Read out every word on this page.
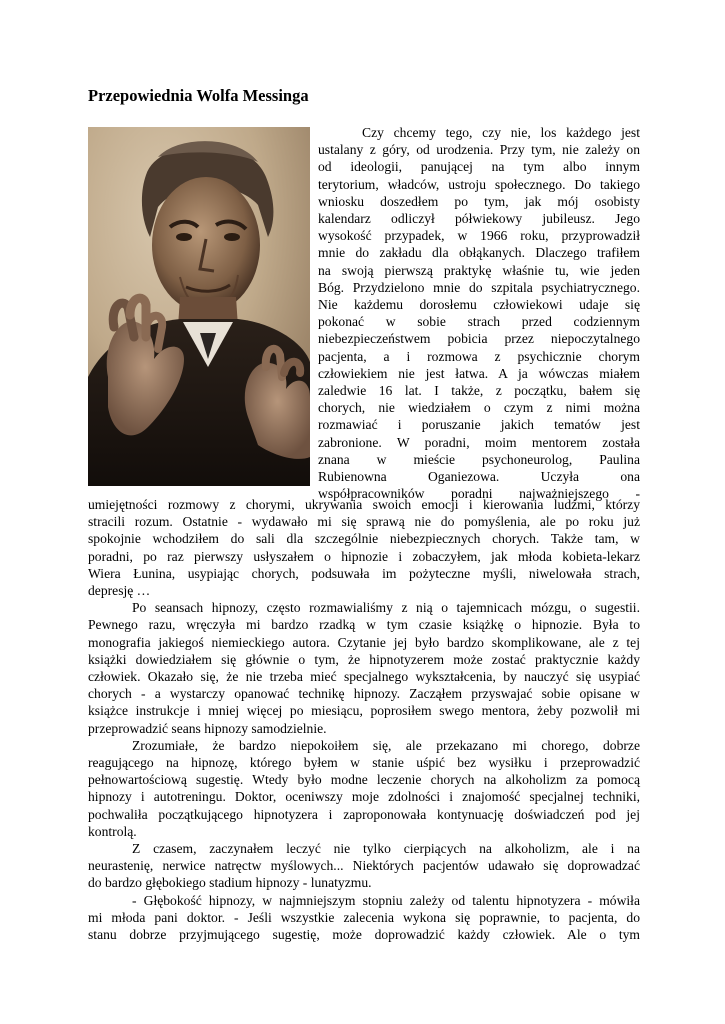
Przepowiednia Wolfa Messinga
Czy chcemy tego, czy nie, los każdego jest
ustalany z góry, od urodzenia. Przy tym, nie zależy on
od ideologii, panującej na tym albo innym
terytorium, władców, ustroju społecznego. Do takiego
wniosku doszedłem po tym, jak mój osobisty
kalendarz odliczył półwiekowy jubileusz. Jego
wysokość przypadek, w 1966 roku, przyprowadził
mnie do zakładu dla obłąkanych. Dlaczego trafiłem
na swoją pierwszą praktykę właśnie tu, wie jeden
Bóg. Przydzielono mnie do szpitala psychiatrycznego.
Nie każdemu dorosłemu człowiekowi udaje się
pokonać w sobie strach przed codziennym
niebezpieczeństwem pobicia przez niepoczytalnego
pacjenta, a i rozmowa z psychicznie chorym
człowiekiem nie jest łatwa. A ja wówczas miałem
zaledwie 16 lat. I także, z początku, bałem się
chorych, nie wiedziałem o czym z nimi można
rozmawiać i poruszanie jakich tematów jest
zabronione. W poradni, moim mentorem została
znana w mieście psychoneurolog, Paulina
Rubienowna Oganiezowa. Uczyła ona
współpracowników poradni najważniejszego -
umiejętności rozmowy z chorymi, ukrywania swoich emocji i kierowania ludźmi, którzy
stracili rozum. Ostatnie - wydawało mi się sprawą nie do pomyślenia, ale po roku już
spokojnie wchodziłem do sali dla szczególnie niebezpiecznych chorych. Także tam, w
poradni, po raz pierwszy usłyszałem o hipnozie i zobaczyłem, jak młoda kobieta-lekarz
Wiera Łunina, usypiając chorych, podsuwała im pożyteczne myśli, niwelowała strach,
depresję …
Po seansach hipnozy, często rozmawialiśmy z nią o tajemnicach mózgu, o sugestii.
Pewnego razu, wręczyła mi bardzo rzadką w tym czasie książkę o hipnozie. Była to
monografia jakiegoś niemieckiego autora. Czytanie jej było bardzo skomplikowane, ale z tej
książki dowiedziałem się głównie o tym, że hipnotyzerem może zostać praktycznie każdy
człowiek. Okazało się, że nie trzeba mieć specjalnego wykształcenia, by nauczyć się usypiać
chorych - a wystarczy opanować technikę hipnozy. Zacząłem przyswajać sobie opisane w
książce instrukcje i mniej więcej po miesiącu, poprosiłem swego mentora, żeby pozwolił mi
przeprowadzić seans hipnozy samodzielnie.
Zrozumiałe, że bardzo niepokoiłem się, ale przekazano mi chorego, dobrze
reagującego na hipnozę, którego byłem w stanie uśpić bez wysiłku i przeprowadzić
pełnowartościową sugestię. Wtedy było modne leczenie chorych na alkoholizm za pomocą
hipnozy i autotreningu. Doktor, oceniwszy moje zdolności i znajomość specjalnej techniki,
pochwaliła początkującego hipnotyzera i zaproponowała kontynuację doświadczeń pod jej
kontrolą.
Z czasem, zaczynałem leczyć nie tylko cierpiących na alkoholizm, ale i na
neurastenię, nerwice natręctw myślowych... Niektórych pacjentów udawało się doprowadzać
do bardzo głębokiego stadium hipnozy - lunatyzmu.
- Głębokość hipnozy, w najmniejszym stopniu zależy od talentu hipnotyzera - mówiła
mi młoda pani doktor. - Jeśli wszystkie zalecenia wykona się poprawnie, to pacjenta, do
stanu dobrze przyjmującego sugestię, może doprowadzić każdy człowiek. Ale o tym
